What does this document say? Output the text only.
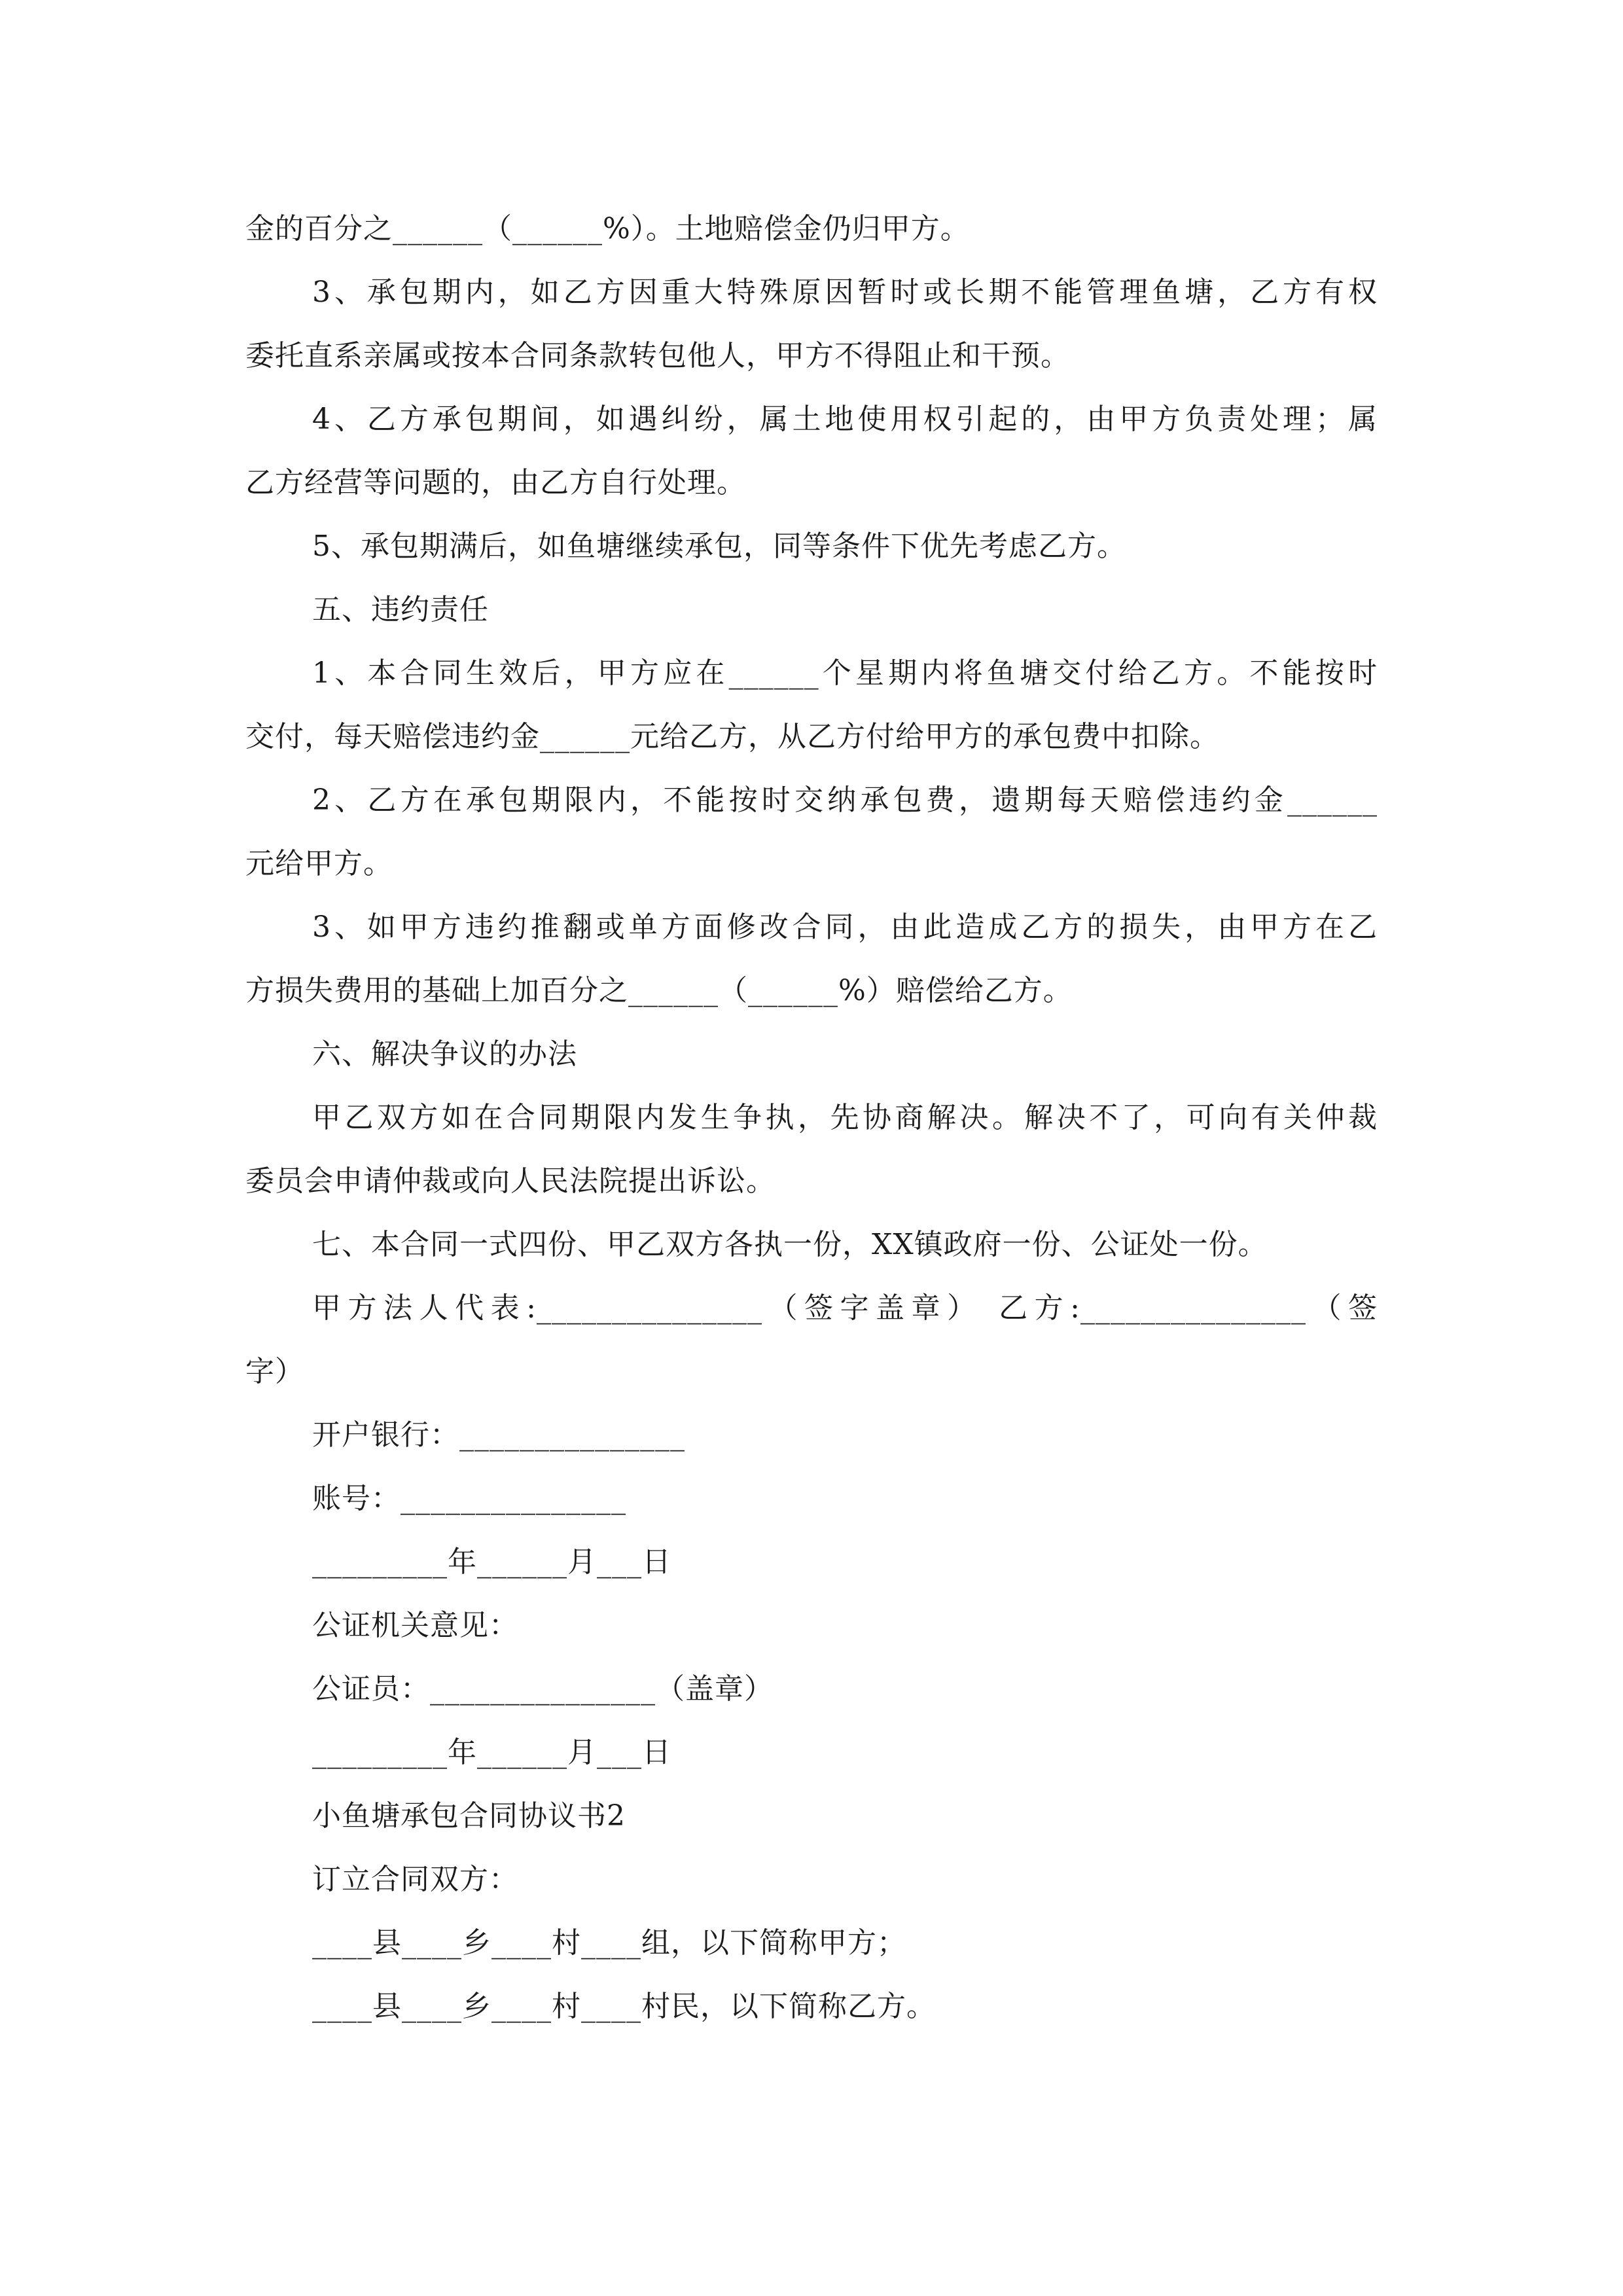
金的百分之______（______%）。土地赔偿金仍归甲方。
3、承包期内，如乙方因重大特殊原因暂时或长期不能管理鱼塘，乙方有权
委托直系亲属或按本合同条款转包他人，甲方不得阻止和干预。
4、乙方承包期间，如遇纠纷，属土地使用权引起的，由甲方负责处理；属
乙方经营等问题的，由乙方自行处理。
5、承包期满后，如鱼塘继续承包，同等条件下优先考虑乙方。
五、违约责任
1、本合同生效后，甲方应在______个星期内将鱼塘交付给乙方。不能按时
交付，每天赔偿违约金______元给乙方，从乙方付给甲方的承包费中扣除。
2、乙方在承包期限内，不能按时交纳承包费，遗期每天赔偿违约金______
元给甲方。
3、如甲方违约推翻或单方面修改合同，由此造成乙方的损失，由甲方在乙
方损失费用的基础上加百分之______（______%）赔偿给乙方。
六、解决争议的办法
甲乙双方如在合同期限内发生争执，先协商解决。解决不了，可向有关仲裁
委员会申请仲裁或向人民法院提出诉讼。
七、本合同一式四份、甲乙双方各执一份，XX镇政府一份、公证处一份。
甲方法人代表:_______________（签字盖章） 乙方:_______________（签
字）
开户银行：_______________
账号：_______________
_________年______月___日
公证机关意见：
公证员：_______________（盖章）
_________年______月___日
小鱼塘承包合同协议书2
订立合同双方：
____县____乡____村____组，以下简称甲方；
____县____乡____村____村民，以下简称乙方。
